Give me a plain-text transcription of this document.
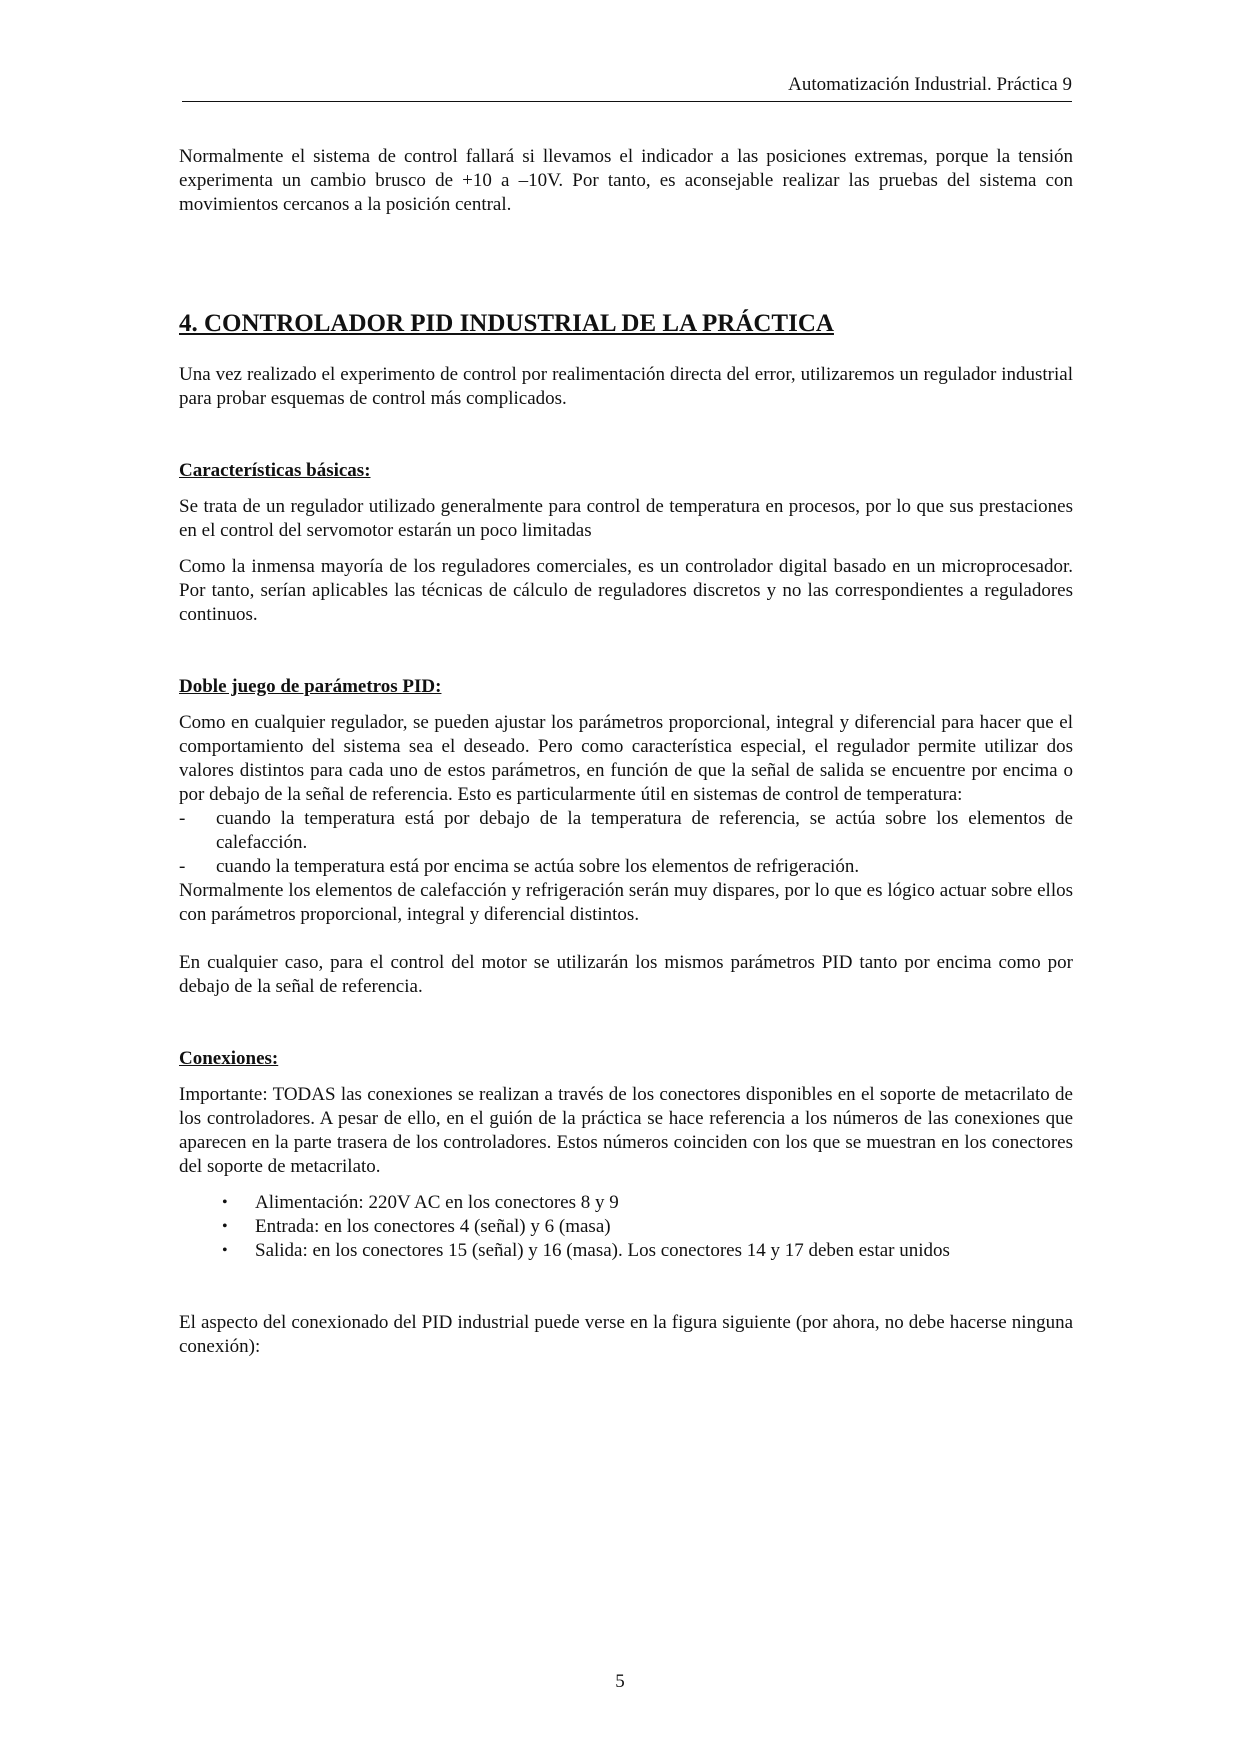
Automatización Industrial. Práctica 9

Normalmente el sistema de control fallará si llevamos el indicador a las posiciones extremas, porque la tensión experimenta un cambio brusco de +10 a –10V. Por tanto, es aconsejable realizar las pruebas del sistema con movimientos cercanos a la posición central.

4. CONTROLADOR PID INDUSTRIAL DE LA PRÁCTICA

Una vez realizado el experimento de control por realimentación directa del error, utilizaremos un regulador industrial para probar esquemas de control más complicados.

Características básicas:

Se trata de un regulador utilizado generalmente para control de temperatura en procesos, por lo que sus prestaciones en el control del servomotor estarán un poco limitadas

Como la inmensa mayoría de los reguladores comerciales, es un controlador digital basado en un microprocesador. Por tanto, serían aplicables las técnicas de cálculo de reguladores discretos y no las correspondientes a reguladores continuos.

Doble juego de parámetros PID:

Como en cualquier regulador, se pueden ajustar los parámetros proporcional, integral y diferencial para hacer que el comportamiento del sistema sea el deseado. Pero como característica especial, el regulador permite utilizar dos valores distintos para cada uno de estos parámetros, en función de que la señal de salida se encuentre por encima o por debajo de la señal de referencia. Esto es particularmente útil en sistemas de control de temperatura:

- cuando la temperatura está por debajo de la temperatura de referencia, se actúa sobre los elementos de calefacción.
- cuando la temperatura está por encima se actúa sobre los elementos de refrigeración.

Normalmente los elementos de calefacción y refrigeración serán muy dispares, por lo que es lógico actuar sobre ellos con parámetros proporcional, integral y diferencial distintos.

En cualquier caso, para el control del motor se utilizarán los mismos parámetros PID tanto por encima como por debajo de la señal de referencia.

Conexiones:

Importante: TODAS las conexiones se realizan a través de los conectores disponibles en el soporte de metacrilato de los controladores. A pesar de ello, en el guión de la práctica se hace referencia a los números de las conexiones que aparecen en la parte trasera de los controladores. Estos números coinciden con los que se muestran en los conectores del soporte de metacrilato.

• Alimentación: 220V AC en los conectores 8 y 9
• Entrada: en los conectores 4 (señal) y 6 (masa)
• Salida: en los conectores 15 (señal) y 16 (masa). Los conectores 14 y 17 deben estar unidos

El aspecto del conexionado del PID industrial puede verse en la figura siguiente (por ahora, no debe hacerse ninguna conexión):

5
